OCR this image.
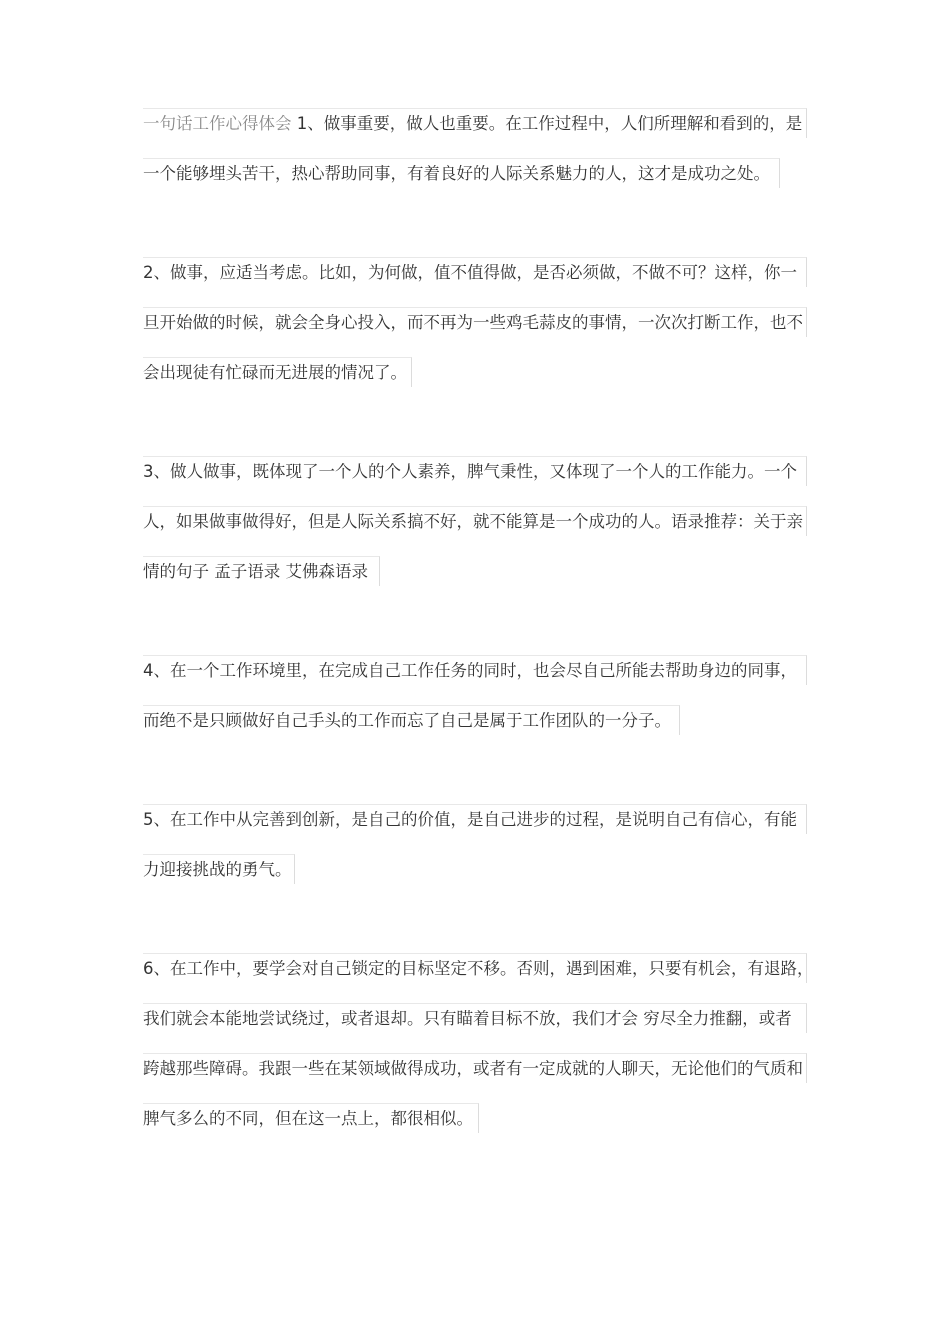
一句话工作心得体会 1、做事重要，做人也重要。在工作过程中，人们所理解和看到的，是
一个能够埋头苦干，热心帮助同事，有着良好的人际关系魅力的人，这才是成功之处。
2、做事，应适当考虑。比如，为何做，值不值得做，是否必须做，不做不可？这样，你一
旦开始做的时候，就会全身心投入，而不再为一些鸡毛蒜皮的事情，一次次打断工作，也不
会出现徒有忙碌而无进展的情况了。
3、做人做事，既体现了一个人的个人素养，脾气秉性，又体现了一个人的工作能力。一个
人，如果做事做得好，但是人际关系搞不好，就不能算是一个成功的人。语录推荐：关于亲
情的句子 孟子语录 艾佛森语录
4、在一个工作环境里，在完成自己工作任务的同时，也会尽自己所能去帮助身边的同事，
而绝不是只顾做好自己手头的工作而忘了自己是属于工作团队的一分子。
5、在工作中从完善到创新，是自己的价值，是自己进步的过程，是说明自己有信心，有能
力迎接挑战的勇气。
6、在工作中，要学会对自己锁定的目标坚定不移。否则，遇到困难，只要有机会，有退路，
我们就会本能地尝试绕过，或者退却。只有瞄着目标不放，我们才会 穷尽全力推翻，或者
跨越那些障碍。我跟一些在某领域做得成功，或者有一定成就的人聊天，无论他们的气质和
脾气多么的不同，但在这一点上，都很相似。
